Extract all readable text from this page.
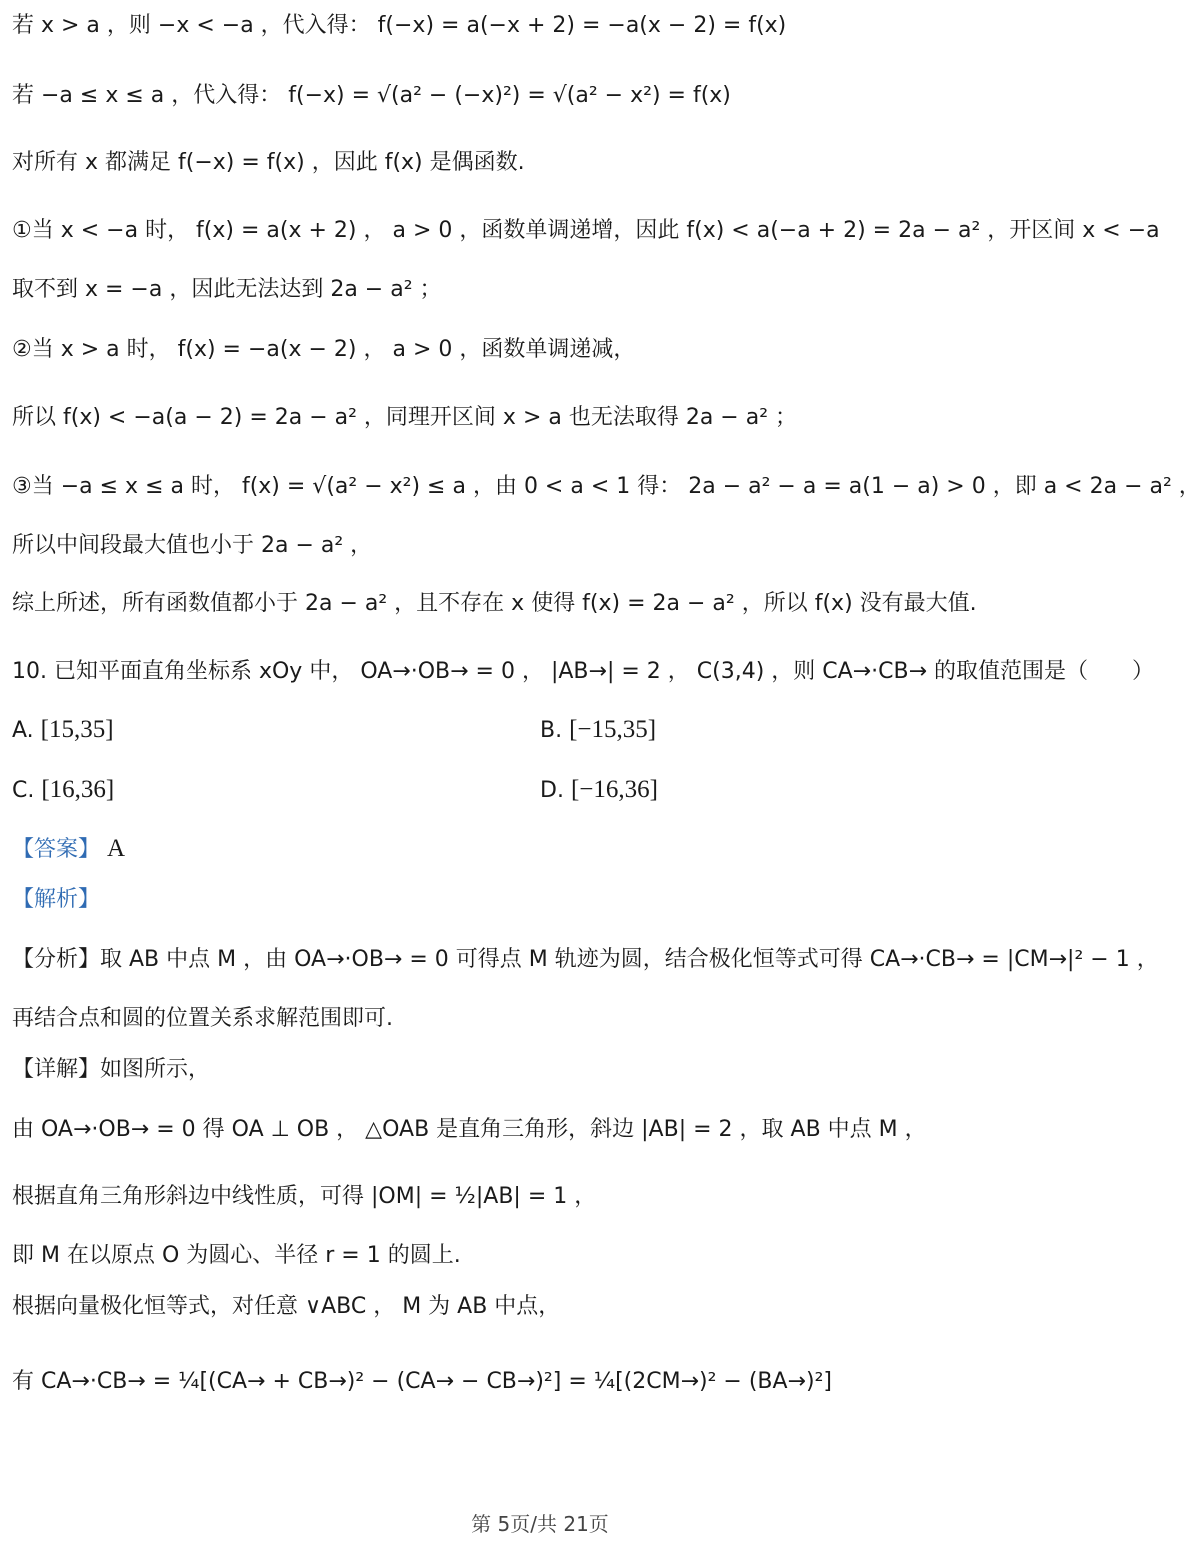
若 x > a ，则 −x < −a ，代入得： f(−x) = a(−x + 2) = −a(x − 2) = f(x)
若 −a ≤ x ≤ a ，代入得： f(−x) = √(a² − (−x)²) = √(a² − x²) = f(x)
对所有 x 都满足 f(−x) = f(x) ，因此 f(x) 是偶函数.
①当 x < −a 时， f(x) = a(x + 2) ， a > 0 ，函数单调递增，因此 f(x) < a(−a + 2) = 2a − a² ，开区间 x < −a
取不到 x = −a ，因此无法达到 2a − a² ；
②当 x > a 时， f(x) = −a(x − 2) ， a > 0 ，函数单调递减，
所以 f(x) < −a(a − 2) = 2a − a² ，同理开区间 x > a 也无法取得 2a − a² ；
③当 −a ≤ x ≤ a 时， f(x) = √(a² − x²) ≤ a ，由 0 < a < 1 得： 2a − a² − a = a(1 − a) > 0 ，即 a < 2a − a² ，
所以中间段最大值也小于 2a − a² ，
综上所述，所有函数值都小于 2a − a² ，且不存在 x 使得 f(x) = 2a − a² ，所以 f(x) 没有最大值.
10. 已知平面直角坐标系 xOy 中， OA→·OB→ = 0 ， |AB→| = 2 ， C(3,4) ，则 CA→·CB→ 的取值范围是（　　）
A. [15,35]	B. [−15,35]
C. [16,36]	D. [−16,36]
【答案】 A
【解析】
【分析】取 AB 中点 M ，由 OA→·OB→ = 0 可得点 M 轨迹为圆，结合极化恒等式可得 CA→·CB→ = |CM→|² − 1 ，
再结合点和圆的位置关系求解范围即可.
【详解】如图所示，
由 OA→·OB→ = 0 得 OA ⊥ OB ， △OAB 是直角三角形，斜边 |AB| = 2 ，取 AB 中点 M ，
根据直角三角形斜边中线性质，可得 |OM| = ½|AB| = 1 ，
即 M 在以原点 O 为圆心、半径 r = 1 的圆上.
根据向量极化恒等式，对任意 ∨ABC ， M 为 AB 中点，
有 CA→·CB→ = ¼[(CA→ + CB→)² − (CA→ − CB→)²] = ¼[(2CM→)² − (BA→)²]
第 5页/共 21页
